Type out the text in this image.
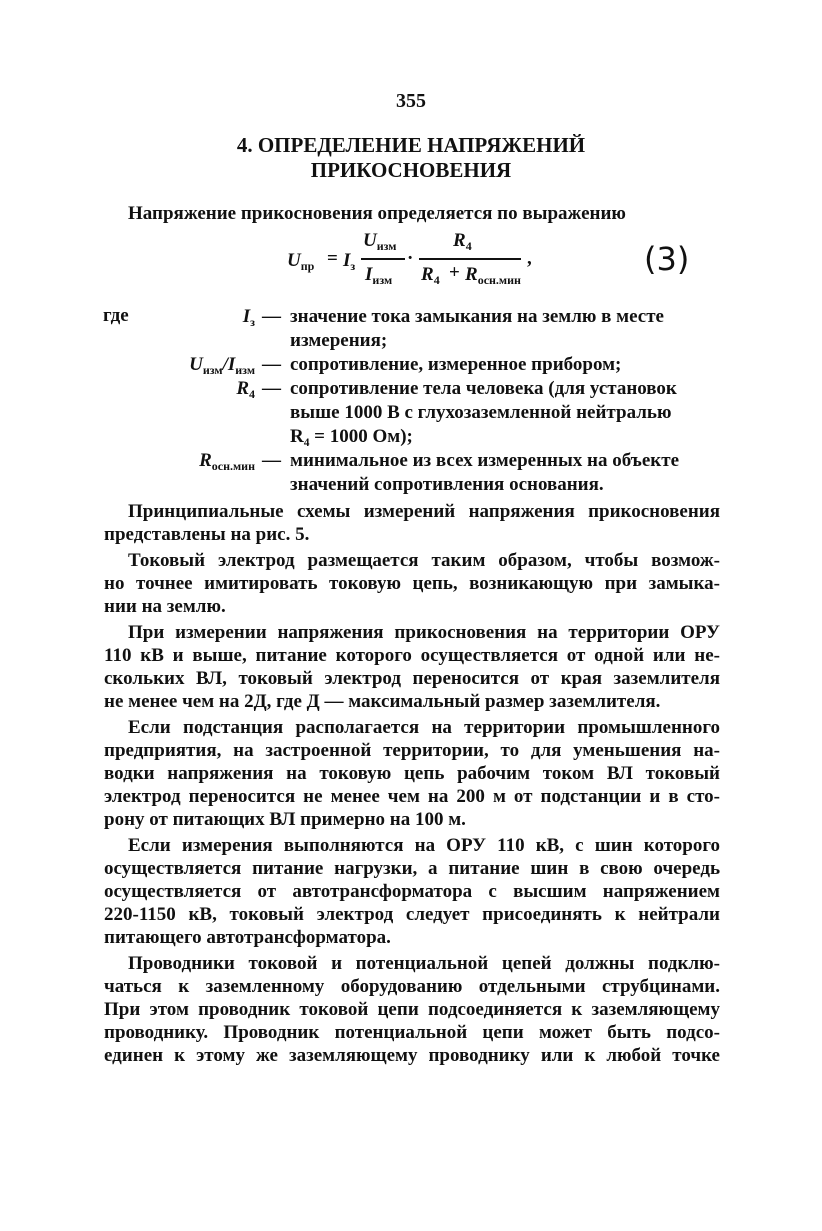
355
4. ОПРЕДЕЛЕНИЕ НАПРЯЖЕНИЙ
ПРИКОСНОВЕНИЯ
Напряжение прикосновения определяется по выражению
$U_{пр} = I_з$
$U_{изм}$
$I_{изм}$
·
$R_4$
$R_4 + R_{осн.мин}$
,	(3)
где	$I_з$ — значение тока замыкания на землю в месте
измерения;
$U_{изм}/I_{изм}$ — сопротивление, измеренное прибором;
$R_4$ — сопротивление тела человека (для установок
выше 1000 В с глухозаземленной нейтралью
R₄ = 1000 Ом);
$R_{осн.мин}$ — минимальное из всех измеренных на объекте
значений сопротивления основания.
Принципиальные схемы измерений напряжения прикосновения
представлены на рис. 5.
Токовый электрод размещается таким образом, чтобы возмож-
но точнее имитировать токовую цепь, возникающую при замыка-
нии на землю.
При измерении напряжения прикосновения на территории ОРУ
110 кВ и выше, питание которого осуществляется от одной или не-
скольких ВЛ, токовый электрод переносится от края заземлителя
не менее чем на 2Д, где Д — максимальный размер заземлителя.
Если подстанция располагается на территории промышленного
предприятия, на застроенной территории, то для уменьшения на-
водки напряжения на токовую цепь рабочим током ВЛ токовый
электрод переносится не менее чем на 200 м от подстанции и в сто-
рону от питающих ВЛ примерно на 100 м.
Если измерения выполняются на ОРУ 110 кВ, с шин которого
осуществляется питание нагрузки, а питание шин в свою очередь
осуществляется от автотрансформатора с высшим напряжением
220-1150 кВ, токовый электрод следует присоединять к нейтрали
питающего автотрансформатора.
Проводники токовой и потенциальной цепей должны подклю-
чаться к заземленному оборудованию отдельными струбцинами.
При этом проводник токовой цепи подсоединяется к заземляющему
проводнику. Проводник потенциальной цепи может быть подсо-
единен к этому же заземляющему проводнику или к любой точке
